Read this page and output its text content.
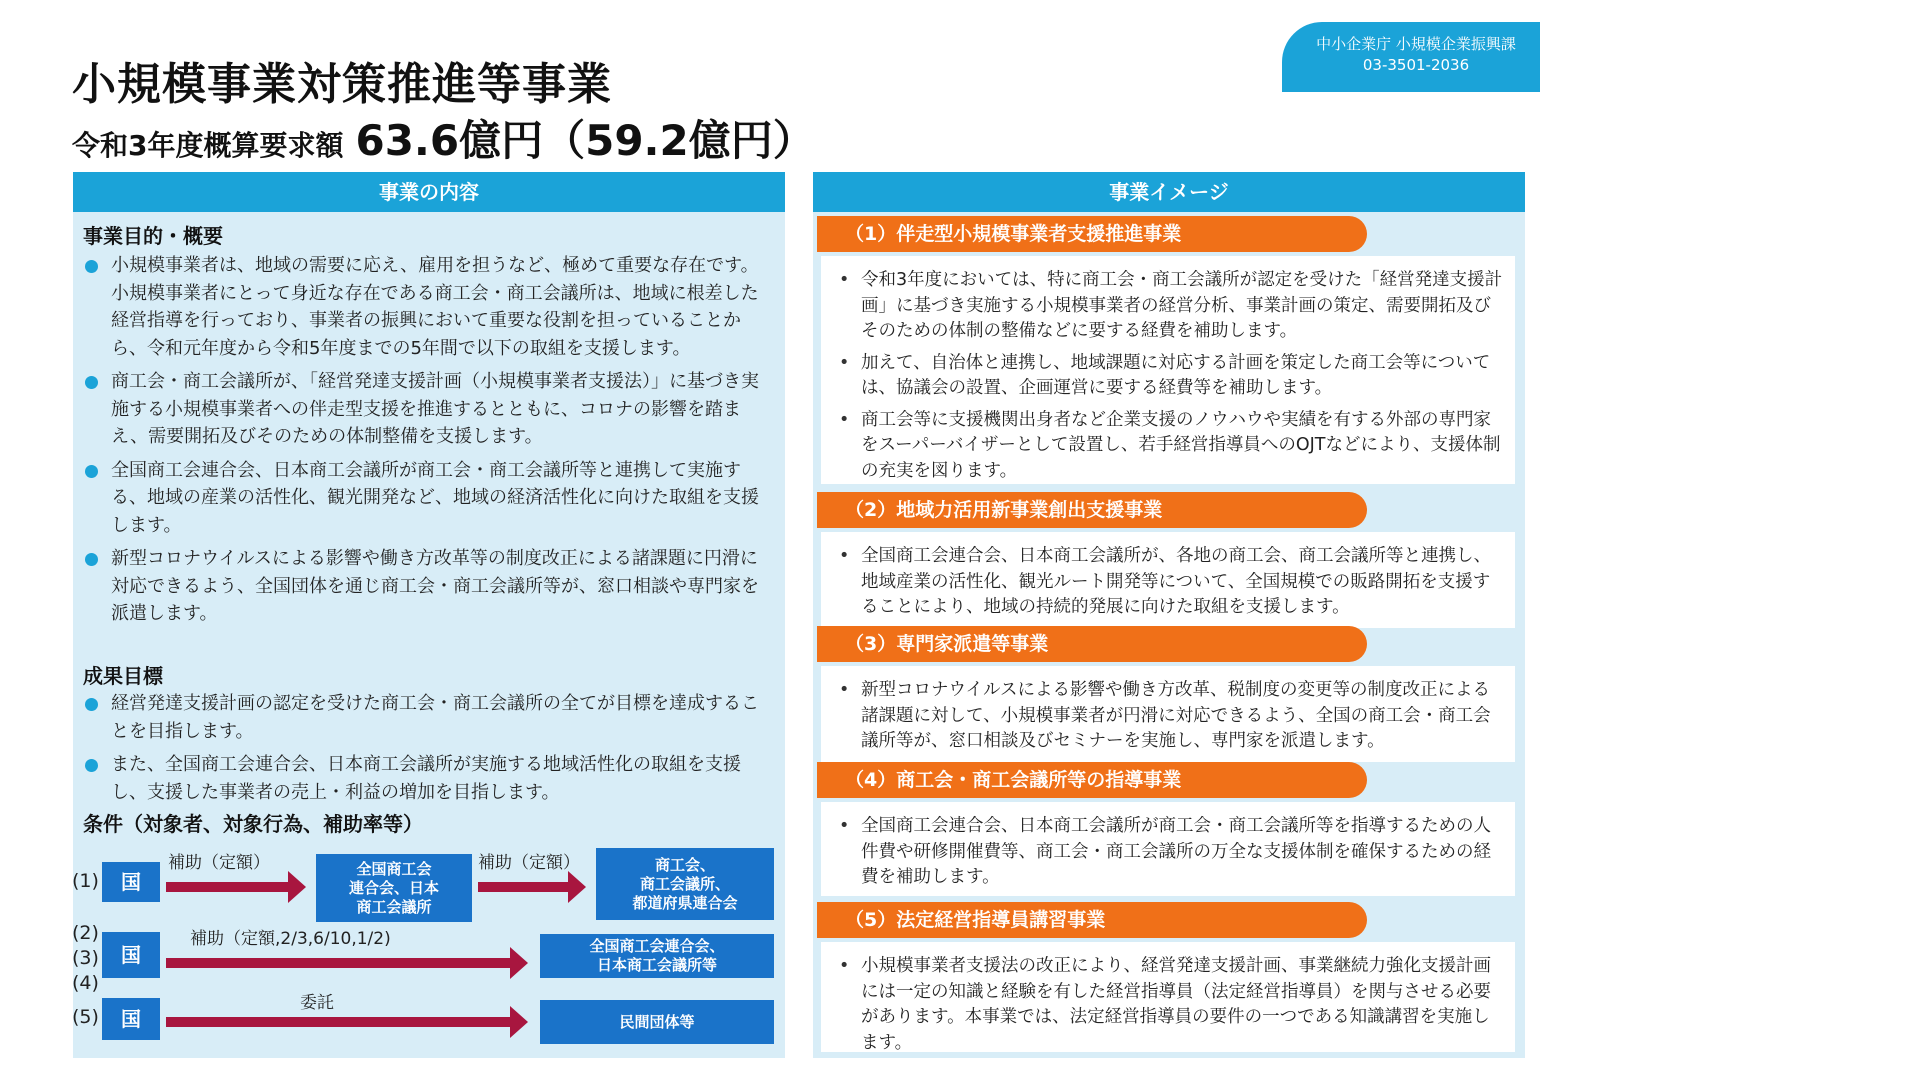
小規模事業対策推進等事業
令和3年度概算要求額 63.6億円（59.2億円）
中小企業庁 小規模企業振興課
03-3501-2036
事業の内容
事業目的・概要
小規模事業者は、地域の需要に応え、雇用を担うなど、極めて重要な存在です。小規模事業者にとって身近な存在である商工会・商工会議所は、地域に根差した経営指導を行っており、事業者の振興において重要な役割を担っていることから、令和元年度から令和5年度までの5年間で以下の取組を支援します。
商工会・商工会議所が、「経営発達支援計画（小規模事業者支援法）」に基づき実施する小規模事業者への伴走型支援を推進するとともに、コロナの影響を踏まえ、需要開拓及びそのための体制整備を支援します。
全国商工会連合会、日本商工会議所が商工会・商工会議所等と連携して実施する、地域の産業の活性化、観光開発など、地域の経済活性化に向けた取組を支援します。
新型コロナウイルスによる影響や働き方改革等の制度改正による諸課題に円滑に対応できるよう、全国団体を通じ商工会・商工会議所等が、窓口相談や専門家を派遣します。
成果目標
経営発達支援計画の認定を受けた商工会・商工会議所の全てが目標を達成することを目指します。
また、全国商工会連合会、日本商工会議所が実施する地域活性化の取組を支援し、支援した事業者の売上・利益の増加を目指します。
条件（対象者、対象行為、補助率等）
(1)	国
補助（定額）	全国商工会
連合会、日本
商工会議所
補助（定額）	商工会、
商工会議所、
都道府県連合会
(2)
(3)
(4)
国
補助（定額,2/3,6/10,1/2)	全国商工会連合会、
日本商工会議所等
(5)	国
委託
民間団体等
事業イメージ
（1）伴走型小規模事業者支援推進事業
• 令和3年度においては、特に商工会・商工会議所が認定を受けた「経営発達支援計画」に基づき実施する小規模事業者の経営分析、事業計画の策定、需要開拓及びそのための体制の整備などに要する経費を補助します。
• 加えて、自治体と連携し、地域課題に対応する計画を策定した商工会等については、協議会の設置、企画運営に要する経費等を補助します。
• 商工会等に支援機関出身者など企業支援のノウハウや実績を有する外部の専門家をスーパーバイザーとして設置し、若手経営指導員へのOJTなどにより、支援体制の充実を図ります。
（2）地域力活用新事業創出支援事業
• 全国商工会連合会、日本商工会議所が、各地の商工会、商工会議所等と連携し、地域産業の活性化、観光ルート開発等について、全国規模での販路開拓を支援することにより、地域の持続的発展に向けた取組を支援します。
（3）専門家派遣等事業
• 新型コロナウイルスによる影響や働き方改革、税制度の変更等の制度改正による諸課題に対して、小規模事業者が円滑に対応できるよう、全国の商工会・商工会議所等が、窓口相談及びセミナーを実施し、専門家を派遣します。
（4）商工会・商工会議所等の指導事業
• 全国商工会連合会、日本商工会議所が商工会・商工会議所等を指導するための人件費や研修開催費等、商工会・商工会議所の万全な支援体制を確保するための経費を補助します。
（5）法定経営指導員講習事業
• 小規模事業者支援法の改正により、経営発達支援計画、事業継続力強化支援計画には一定の知識と経験を有した経営指導員（法定経営指導員）を関与させる必要があります。本事業では、法定経営指導員の要件の一つである知識講習を実施します。
